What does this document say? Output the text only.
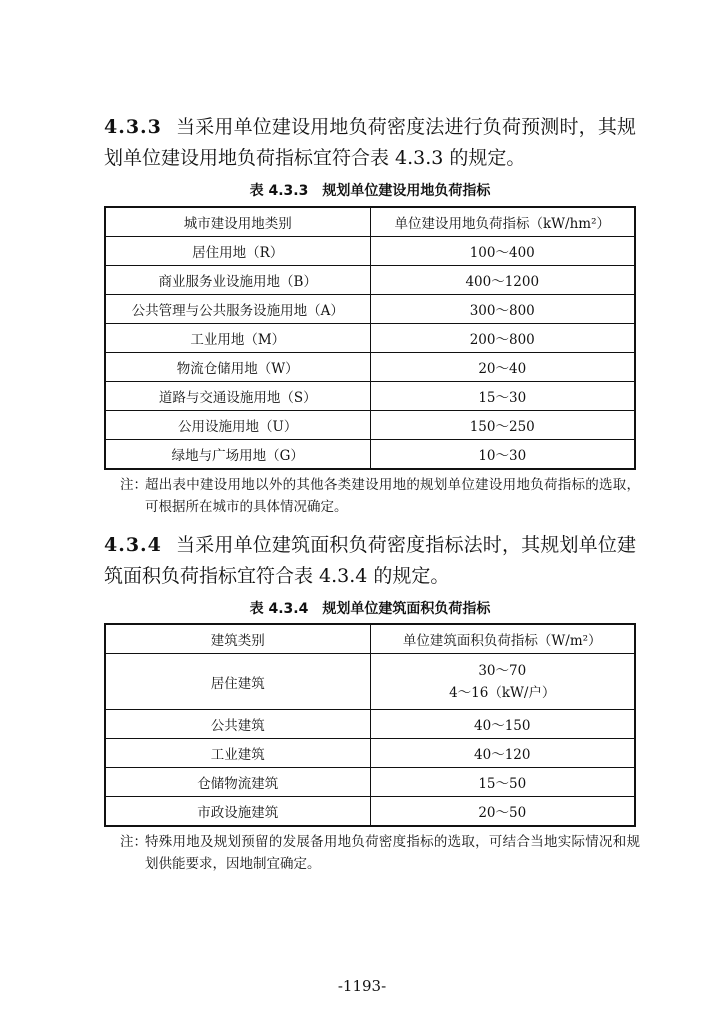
4.3.3 当采用单位建设用地负荷密度法进行负荷预测时，其规划单位建设用地负荷指标宜符合表 4.3.3 的规定。
表 4.3.3 规划单位建设用地负荷指标
城市建设用地类别	单位建设用地负荷指标（kW/hm²）
居住用地（R）	100～400
商业服务业设施用地（B）	400～1200
公共管理与公共服务设施用地（A）	300～800
工业用地（M）	200～800
物流仓储用地（W）	20～40
道路与交通设施用地（S）	15～30
公用设施用地（U）	150～250
绿地与广场用地（G）	10～30
注：
超出表中建设用地以外的其他各类建设用地的规划单位建设用地负荷指标的选取，可根据所在城市的具体情况确定。
4.3.4 当采用单位建筑面积负荷密度指标法时，其规划单位建筑面积负荷指标宜符合表 4.3.4 的规定。
表 4.3.4 规划单位建筑面积负荷指标
建筑类别	单位建筑面积负荷指标（W/m²）
居住建筑	30～70
4～16（kW/户）

公共建筑	40～150
工业建筑	40～120
仓储物流建筑	15～50
市政设施建筑	20～50
注：
特殊用地及规划预留的发展备用地负荷密度指标的选取，可结合当地实际情况和规划供能要求，因地制宜确定。
-1193-
